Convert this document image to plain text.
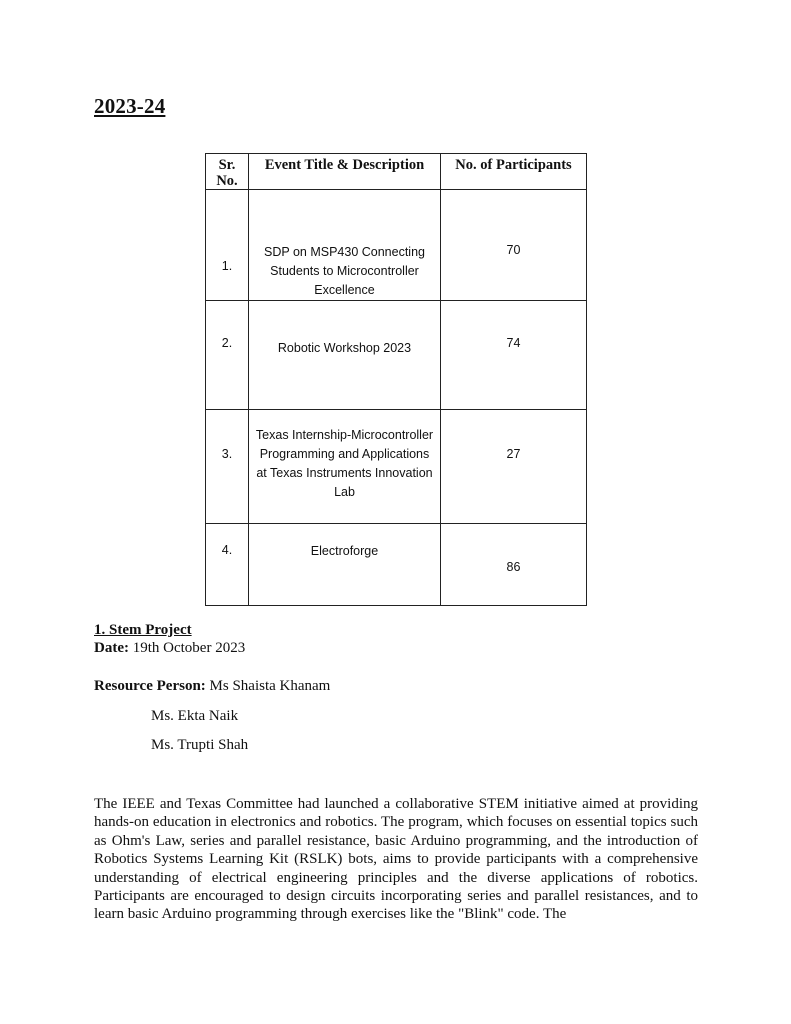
2023-24
Sr. No.	Event Title & Description	No. of Participants

1.	SDP on MSP430 Connecting Students to Microcontroller Excellence	70

2.	Robotic Workshop 2023	74

3.	Texas Internship-Microcontroller Programming and Applications at Texas Instruments Innovation Lab	27

4.	Electroforge	86
1. Stem Project
Date: 19th October 2023
Resource Person: Ms Shaista Khanam
Ms. Ekta Naik
Ms. Trupti Shah
The IEEE and Texas Committee had launched a collaborative STEM initiative aimed at providing hands-on education in electronics and robotics. The program, which focuses on essential topics such as Ohm's Law, series and parallel resistance, basic Arduino programming, and the introduction of Robotics Systems Learning Kit (RSLK) bots, aims to provide participants with a comprehensive understanding of electrical engineering principles and the diverse applications of robotics. Participants are encouraged to design circuits incorporating series and parallel resistances, and to learn basic Arduino programming through exercises like the "Blink" code. The
